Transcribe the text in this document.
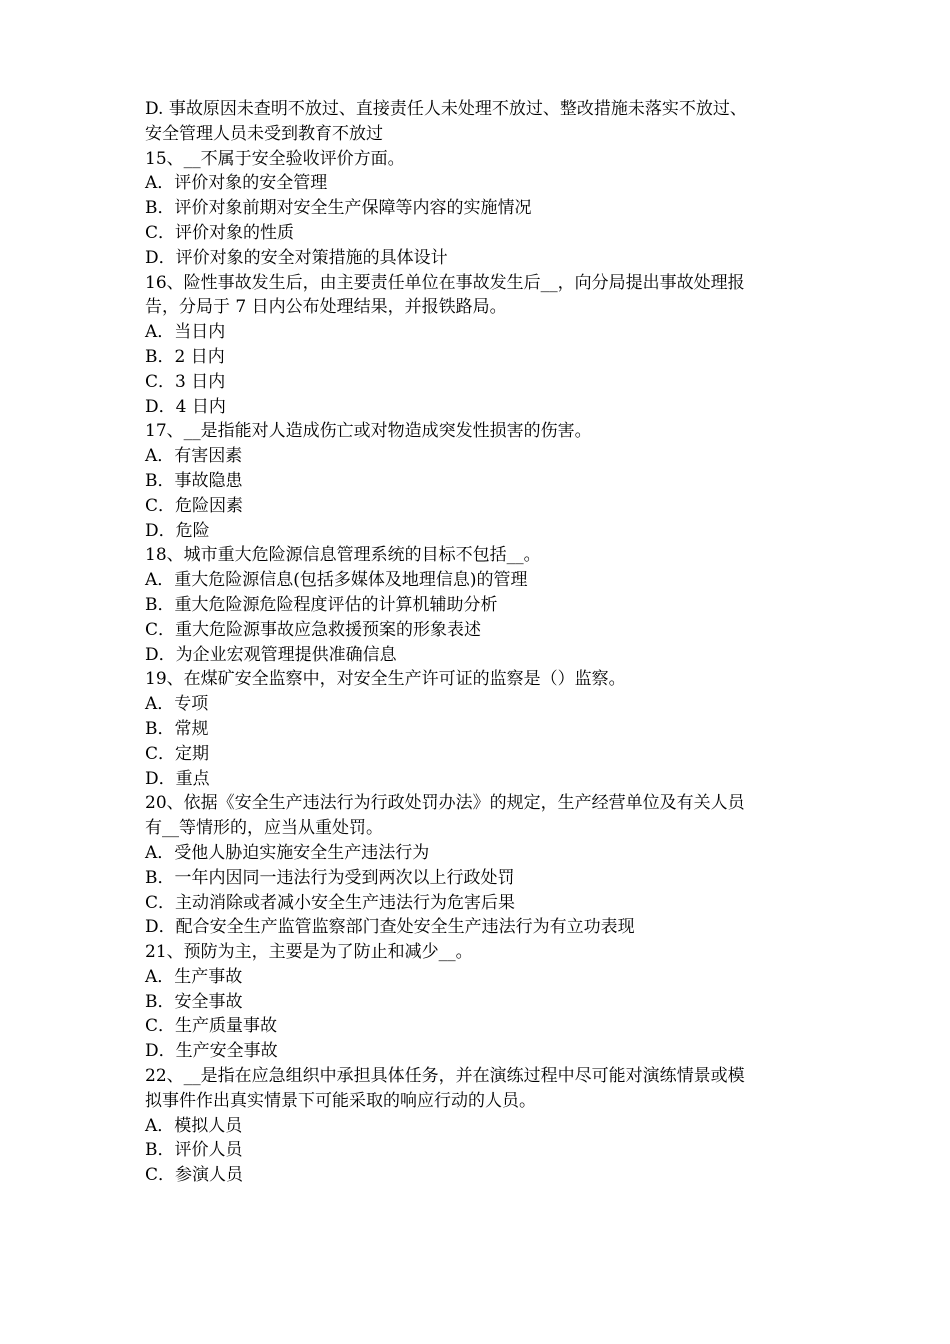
D. 事故原因未查明不放过、直接责任人未处理不放过、整改措施未落实不放过、
安全管理人员未受到教育不放过
15、__不属于安全验收评价方面。
A．评价对象的安全管理
B．评价对象前期对安全生产保障等内容的实施情况
C．评价对象的性质
D．评价对象的安全对策措施的具体设计
16、险性事故发生后，由主要责任单位在事故发生后__，向分局提出事故处理报
告，分局于 7 日内公布处理结果，并报铁路局。
A．当日内
B．2 日内
C．3 日内
D．4 日内
17、__是指能对人造成伤亡或对物造成突发性损害的伤害。
A．有害因素
B．事故隐患
C．危险因素
D．危险
18、城市重大危险源信息管理系统的目标不包括__。
A．重大危险源信息(包括多媒体及地理信息)的管理
B．重大危险源危险程度评估的计算机辅助分析
C．重大危险源事故应急救援预案的形象表述
D．为企业宏观管理提供准确信息
19、在煤矿安全监察中，对安全生产许可证的监察是（）监察。
A．专项
B．常规
C．定期
D．重点
20、依据《安全生产违法行为行政处罚办法》的规定，生产经营单位及有关人员
有__等情形的，应当从重处罚。
A．受他人胁迫实施安全生产违法行为
B．一年内因同一违法行为受到两次以上行政处罚
C．主动消除或者减小安全生产违法行为危害后果
D．配合安全生产监管监察部门查处安全生产违法行为有立功表现
21、预防为主，主要是为了防止和减少__。
A．生产事故
B．安全事故
C．生产质量事故
D．生产安全事故
22、__是指在应急组织中承担具体任务，并在演练过程中尽可能对演练情景或模
拟事件作出真实情景下可能采取的响应行动的人员。
A．模拟人员
B．评价人员
C．参演人员
